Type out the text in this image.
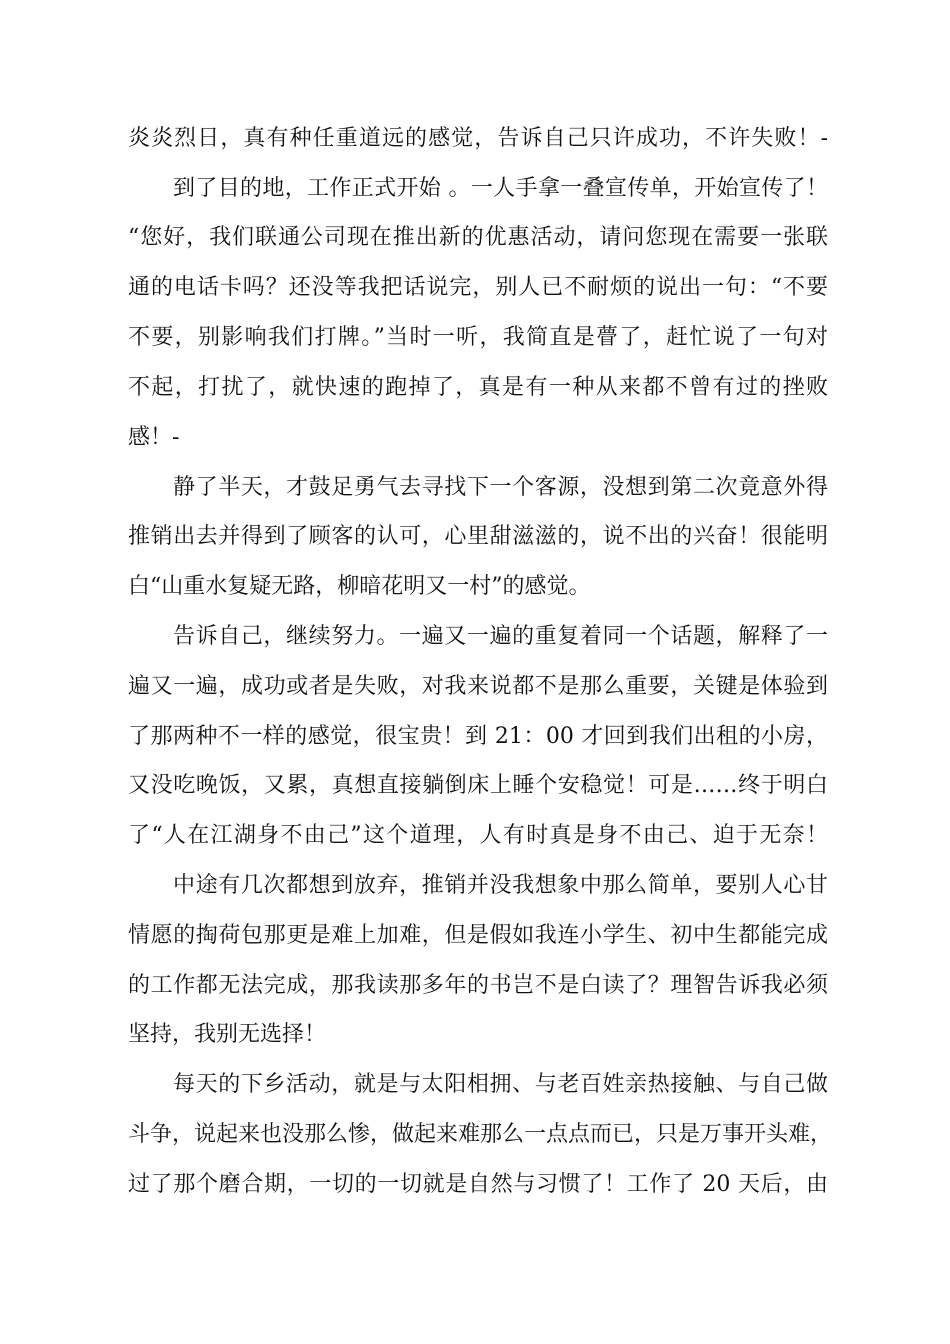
炎炎烈日，真有种任重道远的感觉，告诉自己只许成功，不许失败！-

到了目的地，工作正式开始 。一人手拿一叠宣传单，开始宣传了！

“您好，我们联通公司现在推出新的优惠活动，请问您现在需要一张联

通的电话卡吗？还没等我把话说完，别人已不耐烦的说出一句：“不要

不要，别影响我们打牌。”当时一听，我简直是瞢了，赶忙说了一句对

不起，打扰了，就快速的跑掉了，真是有一种从来都不曾有过的挫败

感！-

静了半天，才鼓足勇气去寻找下一个客源，没想到第二次竟意外得

推销出去并得到了顾客的认可，心里甜滋滋的，说不出的兴奋！很能明

白“山重水复疑无路，柳暗花明又一村”的感觉。

告诉自己，继续努力。一遍又一遍的重复着同一个话题，解释了一

遍又一遍，成功或者是失败，对我来说都不是那么重要，关键是体验到

了那两种不一样的感觉，很宝贵！到 21：00 才回到我们出租的小房，

又没吃晚饭，又累，真想直接躺倒床上睡个安稳觉！可是……终于明白

了“人在江湖身不由己”这个道理，人有时真是身不由己、迫于无奈！

中途有几次都想到放弃，推销并没我想象中那么简单，要别人心甘

情愿的掏荷包那更是难上加难，但是假如我连小学生、初中生都能完成

的工作都无法完成，那我读那多年的书岂不是白读了？理智告诉我必须

坚持，我别无选择！

每天的下乡活动，就是与太阳相拥、与老百姓亲热接触、与自己做

斗争，说起来也没那么惨，做起来难那么一点点而已，只是万事开头难，

过了那个磨合期，一切的一切就是自然与习惯了！工作了 20 天后，由
